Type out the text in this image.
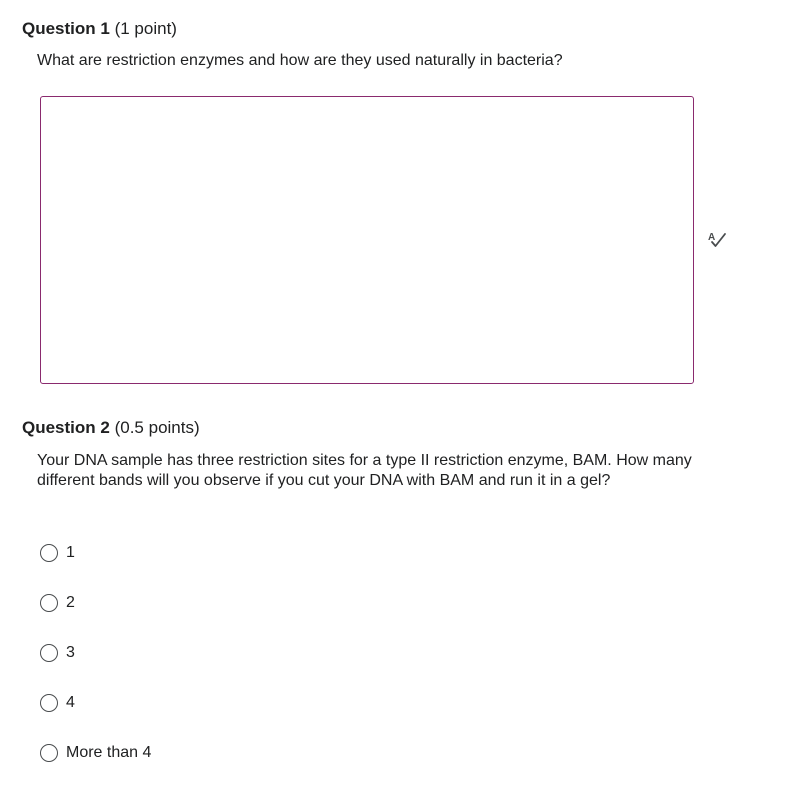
Question 1 (1 point)
What are restriction enzymes and how are they used naturally in bacteria?
A
Question 2 (0.5 points)
Your DNA sample has three restriction sites for a type II restriction enzyme, BAM. How many different bands will you observe if you cut your DNA with BAM and run it in a gel?
1
2
3
4
More than 4
